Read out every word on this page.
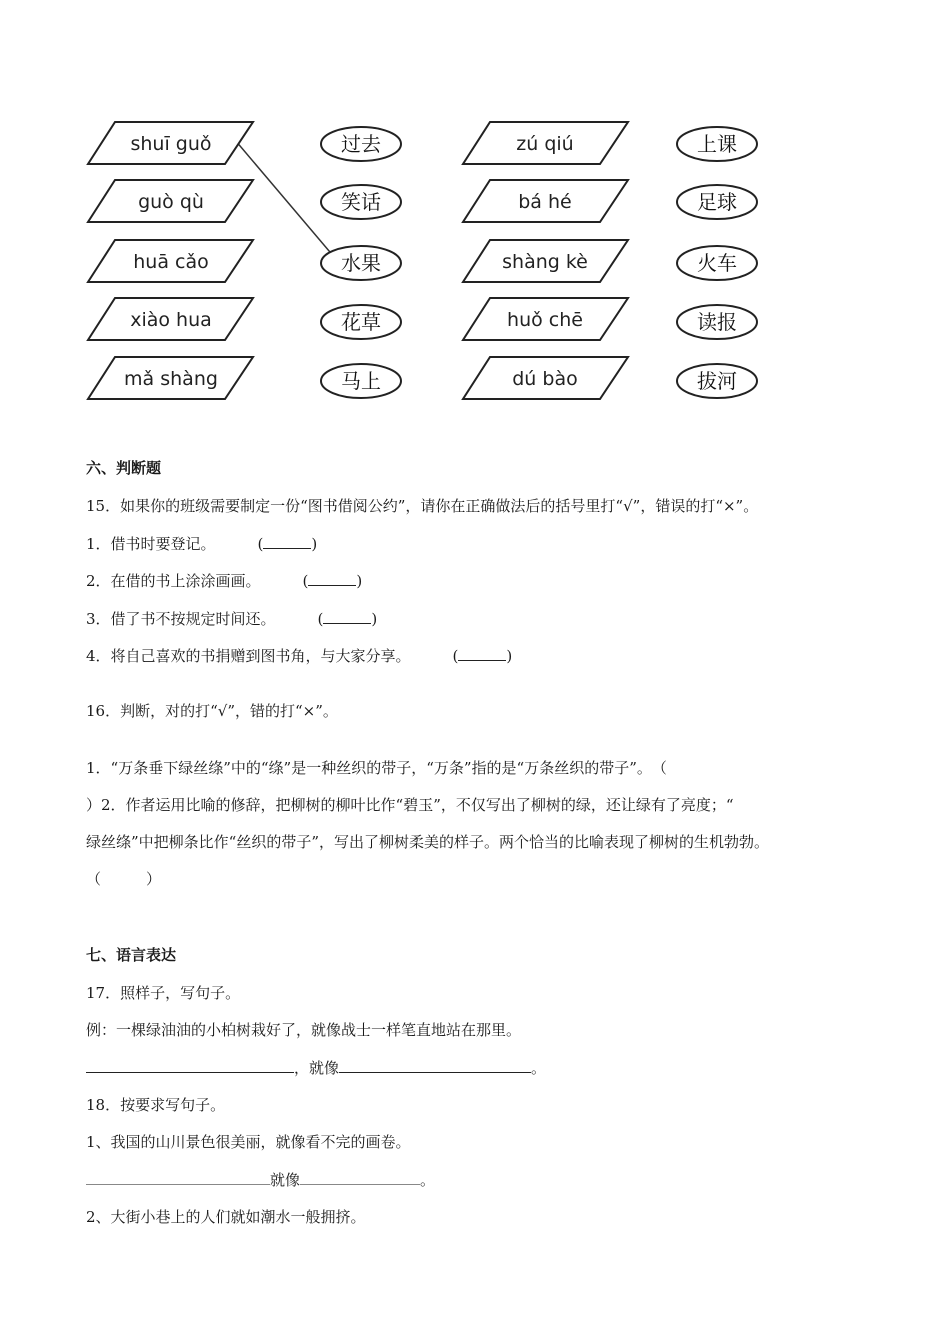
shuī guǒ
guò qù
huā cǎo
xiào hua
mǎ shàng
过去
笑话
水果
花草
马上
zú qiú
bá hé
shàng kè
huǒ chē
dú bào
上课
足球
火车
读报
拔河
六、判断题
15．如果你的班级需要制定一份“图书借阅公约”，请你在正确做法后的括号里打“√”，错误的打“×”。
1．借书时要登记。	(	)
2．在借的书上涂涂画画。	(	)
3．借了书不按规定时间还。	(	)
4．将自己喜欢的书捐赠到图书角，与大家分享。	(	)
16．判断，对的打“√”，错的打“×”。
1．“万条垂下绿丝绦”中的“绦”是一种丝织的带子，“万条”指的是“万条丝织的带子”。　（
）2．作者运用比喻的修辞，把柳树的柳叶比作“碧玉”，不仅写出了柳树的绿，还让绿有了亮度；“
绿丝绦”中把柳条比作“丝织的带子”，写出了柳树柔美的样子。两个恰当的比喻表现了柳树的生机勃勃。
（　　　）
七、语言表达
17．照样子，写句子。
例：一棵绿油油的小柏树栽好了，就像战士一样笔直地站在那里。
，就像	。
18．按要求写句子。
1、我国的山川景色很美丽，就像看不完的画卷。
就像	。
2、大街小巷上的人们就如潮水一般拥挤。
